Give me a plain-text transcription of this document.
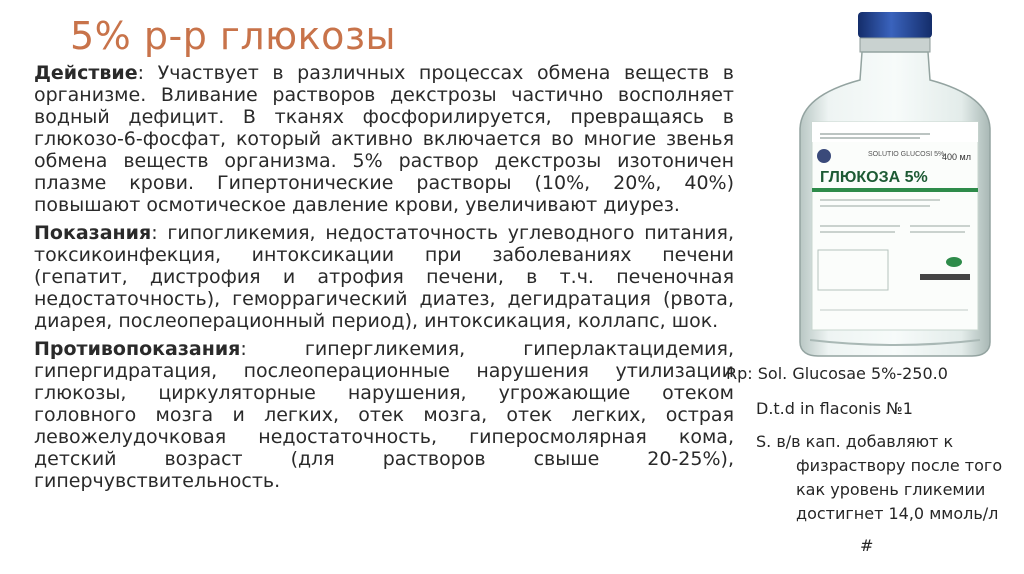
5% р-р глюкозы

Действие: Участвует в различных процессах обмена веществ в организме. Вливание растворов декстрозы частично восполняет водный дефицит. В тканях фосфорилируется, превращаясь в глюкозо-6-фосфат, который активно включается во многие звенья обмена веществ организма. 5% раствор декстрозы изотоничен плазме крови. Гипертонические растворы (10%, 20%, 40%) повышают осмотическое давление крови, увеличивают диурез.

Показания: гипогликемия, недостаточность углеводного питания, токсикоинфекция, интоксикации при заболеваниях печени (гепатит, дистрофия и атрофия печени, в т.ч. печеночная недостаточность), геморрагический диатез, дегидратация (рвота, диарея, послеоперационный период), интоксикация, коллапс, шок.

Противопоказания: гипергликемия, гиперлактацидемия, гипергидратация, послеоперационные нарушения утилизации глюкозы, циркуляторные нарушения, угрожающие отеком головного мозга и легких, отек мозга, отек легких, острая левожелудочковая недостаточность, гиперосмолярная кома, детский возраст (для растворов свыше 20-25%), гиперчувствительность.

SOLUTIO GLUCOSI 5%
ГЛЮКОЗА 5%
400 мл
Rp: Sol. Glucosae 5%-250.0
D.t.d in flaconis №1
S. в/в кап. добавляют к
физраствору после того
как уровень гликемии
достигнет 14,0 ммоль/л
#
